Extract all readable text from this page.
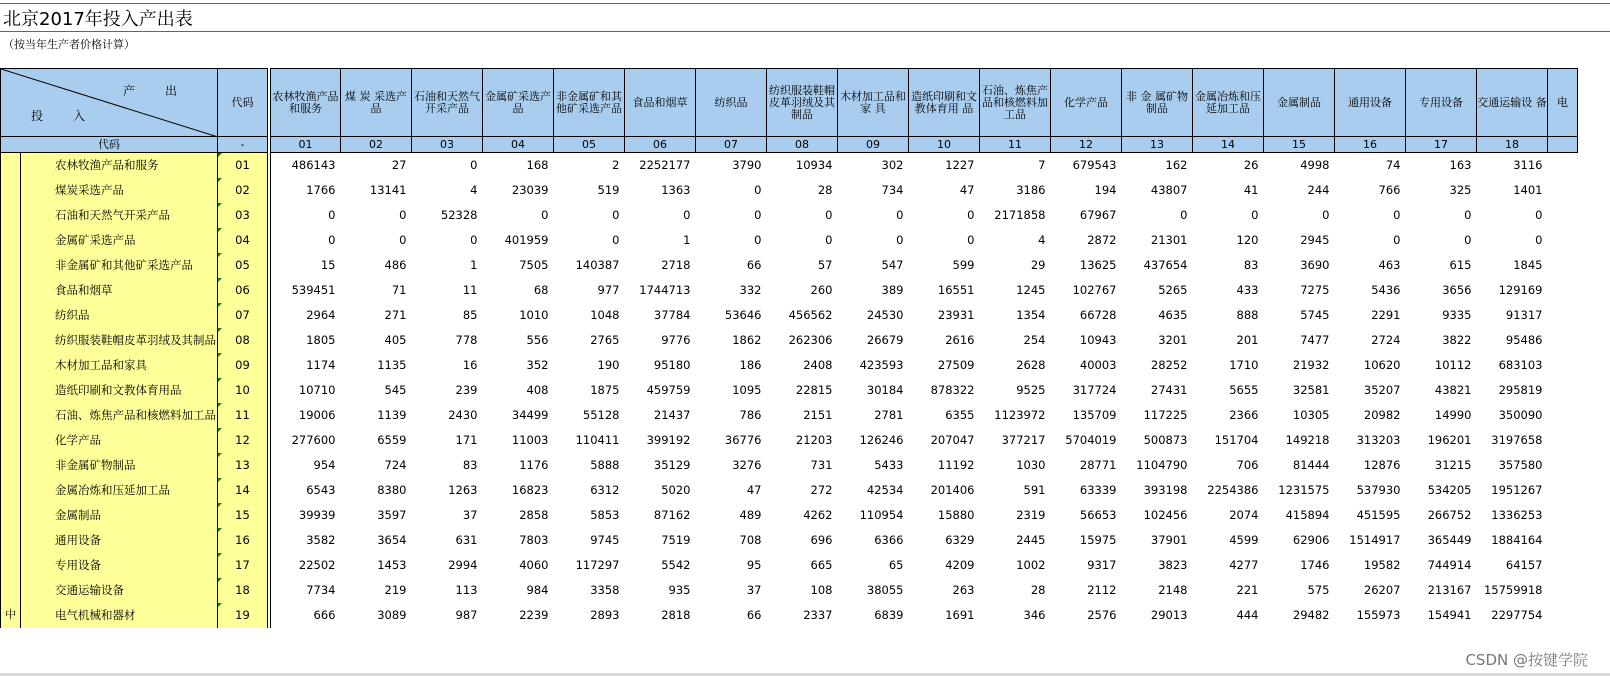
北京2017年投入产出表
（按当年生产者价格计算）
产出
投入		代码		农林牧渔产品和服务	煤 炭 采选产品	石油和天然气开采产品	金属矿采选产品	非金属矿和其他矿采选产品	食品和烟草	纺织品	纺织服装鞋帽皮革羽绒及其制品	木材加工品和 家 具	造纸印刷和文教体育用 品	石油、炼焦产品和核燃料加工品	化学产品	非 金 属矿物制品	金属冶炼和压延加工品	金属制品	通用设备	专用设备	交通运输设 备	电
代码		-		01	02	03	04	05	06	07	08	09	10	11	12	13	14	15	16	17	18	
中	农林牧渔产品和服务	01		486143	27	0	168	2	2252177	3790	10934	302	1227	7	679543	162	26	4998	74	163	3116	
	煤炭采选产品	02		1766	13141	4	23039	519	1363	0	28	734	47	3186	194	43807	41	244	766	325	1401	
	石油和天然气开采产品	03		0	0	52328	0	0	0	0	0	0	0	2171858	67967	0	0	0	0	0	0	
	金属矿采选产品	04		0	0	0	401959	0	1	0	0	0	0	4	2872	21301	120	2945	0	0	0	
	非金属矿和其他矿采选产品	05		15	486	1	7505	140387	2718	66	57	547	599	29	13625	437654	83	3690	463	615	1845	
	食品和烟草	06		539451	71	11	68	977	1744713	332	260	389	16551	1245	102767	5265	433	7275	5436	3656	129169	
	纺织品	07		2964	271	85	1010	1048	37784	53646	456562	24530	23931	1354	66728	4635	888	5745	2291	9335	91317	
	纺织服装鞋帽皮革羽绒及其制品	08		1805	405	778	556	2765	9776	1862	262306	26679	2616	254	10943	3201	201	7477	2724	3822	95486	
	木材加工品和家具	09		1174	1135	16	352	190	95180	186	2408	423593	27509	2628	40003	28252	1710	21932	10620	10112	683103	
	造纸印刷和文教体育用品	10		10710	545	239	408	1875	459759	1095	22815	30184	878322	9525	317724	27431	5655	32581	35207	43821	295819	
	石油、炼焦产品和核燃料加工品	11		19006	1139	2430	34499	55128	21437	786	2151	2781	6355	1123972	135709	117225	2366	10305	20982	14990	350090	
	化学产品	12		277600	6559	171	11003	110411	399192	36776	21203	126246	207047	377217	5704019	500873	151704	149218	313203	196201	3197658	
	非金属矿物制品	13		954	724	83	1176	5888	35129	3276	731	5433	11192	1030	28771	1104790	706	81444	12876	31215	357580	
	金属冶炼和压延加工品	14		6543	8380	1263	16823	6312	5020	47	272	42534	201406	591	63339	393198	2254386	1231575	537930	534205	1951267	
	金属制品	15		39939	3597	37	2858	5853	87162	489	4262	110954	15880	2319	56653	102456	2074	415894	451595	266752	1336253	
	通用设备	16		3582	3654	631	7803	9745	7519	708	696	6366	6329	2445	15975	37901	4599	62906	1514917	365449	1884164	
	专用设备	17		22502	1453	2994	4060	117297	5542	95	665	65	4209	1002	9317	3823	4277	1746	19582	744914	64157	
	交通运输设备	18		7734	219	113	984	3358	935	37	108	38055	263	28	2112	2148	221	575	26207	213167	15759918	
	电气机械和器材	19		666	3089	987	2239	2893	2818	66	2337	6839	1691	346	2576	29013	444	29482	155973	154941	2297754	
CSDN @按键学院
